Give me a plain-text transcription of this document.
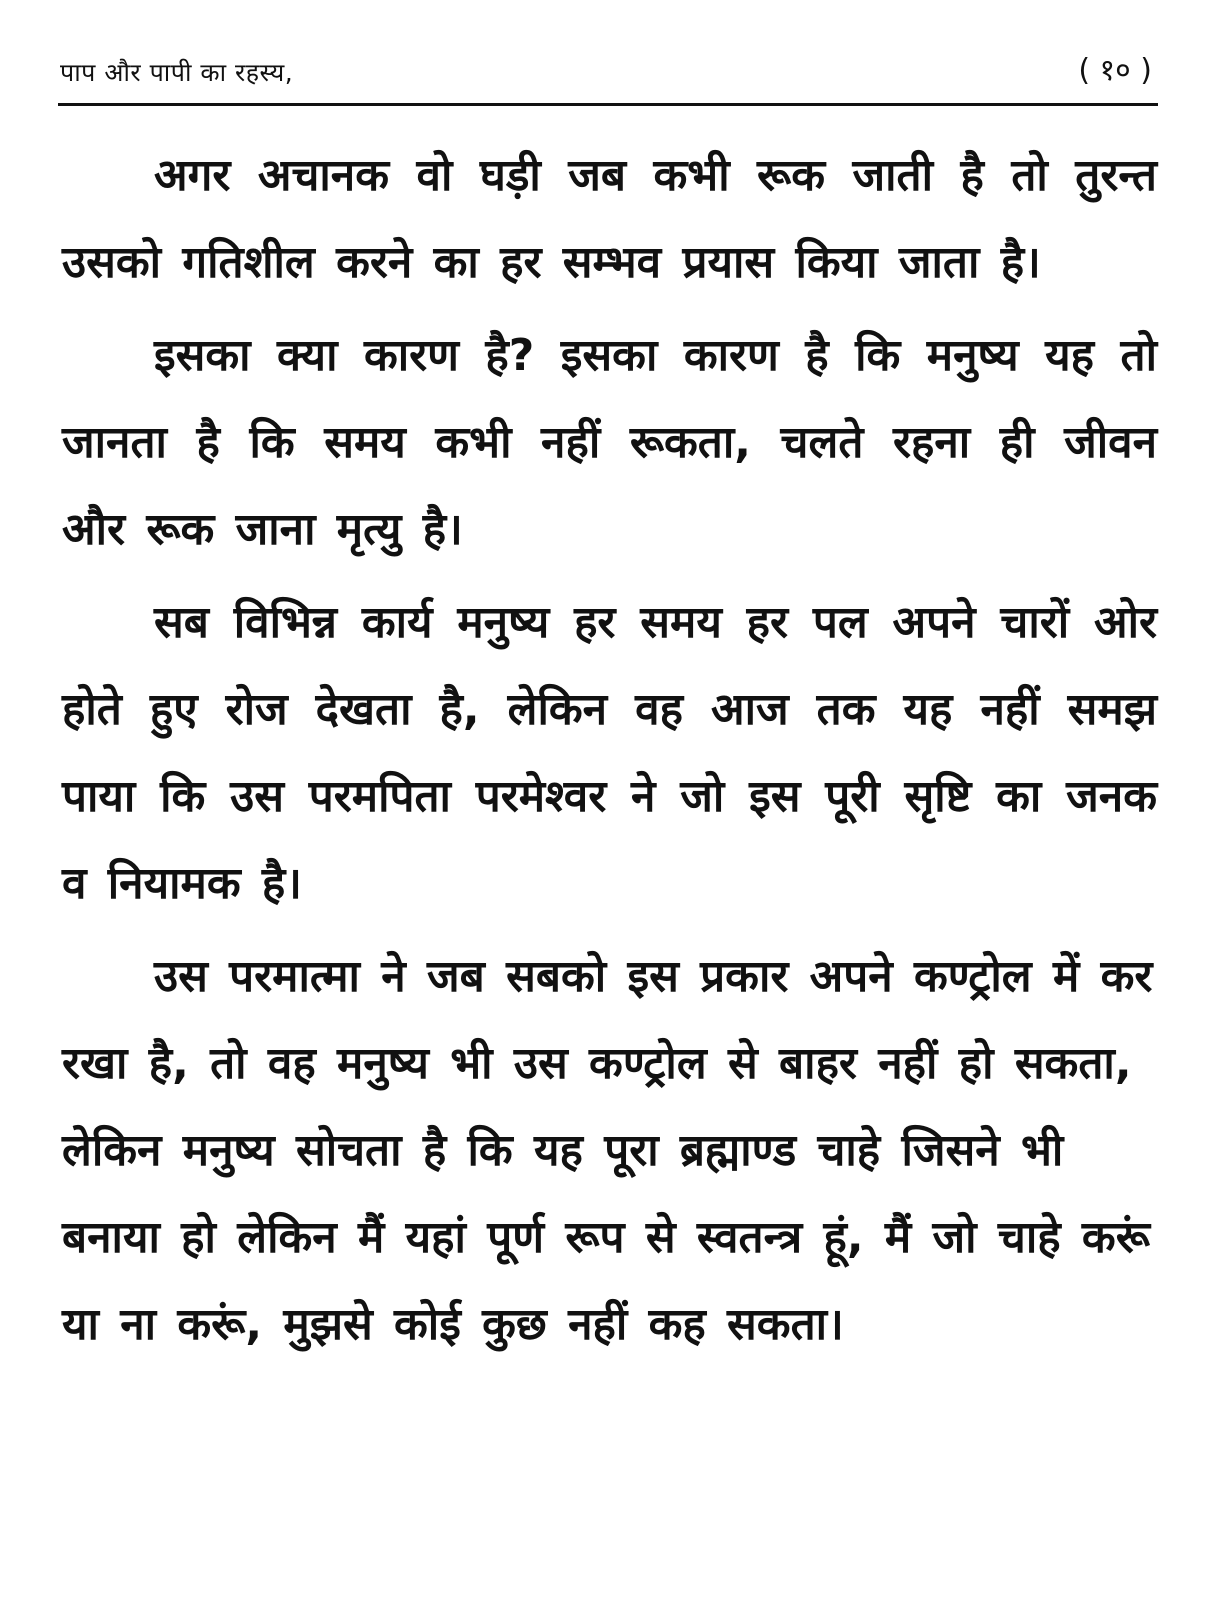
पाप और पापी का रहस्य,	( १० )

अगर अचानक वो घड़ी जब कभी रूक जाती है तो तुरन्त उसको गतिशील करने का हर सम्भव प्रयास किया जाता है।

इसका क्या कारण है? इसका कारण है कि मनुष्य यह तो जानता है कि समय कभी नहीं रूकता, चलते रहना ही जीवन और रूक जाना मृत्यु है।

सब विभिन्न कार्य मनुष्य हर समय हर पल अपने चारों ओर होते हुए रोज देखता है, लेकिन वह आज तक यह नहीं समझ पाया कि उस परमपिता परमेश्वर ने जो इस पूरी सृष्टि का जनक व नियामक है।

उस परमात्मा ने जब सबको इस प्रकार अपने कण्ट्रोल में कर रखा है, तो वह मनुष्य भी उस कण्ट्रोल से बाहर नहीं हो सकता, लेकिन मनुष्य सोचता है कि यह पूरा ब्रह्माण्ड चाहे जिसने भी बनाया हो लेकिन मैं यहां पूर्ण रूप से स्वतन्त्र हूं, मैं जो चाहे करूं या ना करूं, मुझसे कोई कुछ नहीं कह सकता।
